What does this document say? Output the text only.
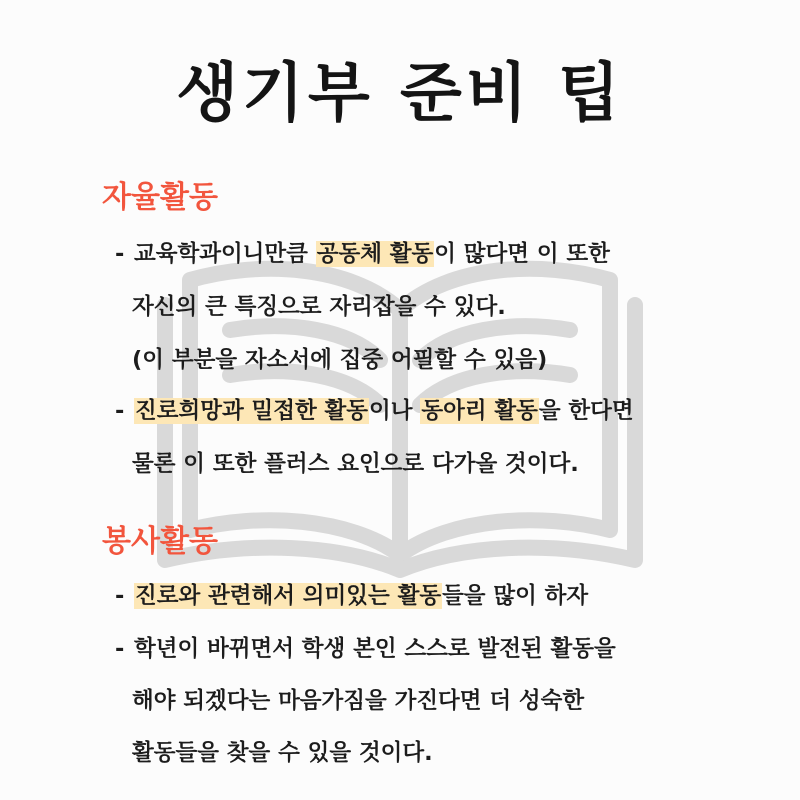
생기부 준비 팁
자율활동
- 교육학과이니만큼 공동체 활동이 많다면 이 또한
자신의 큰 특징으로 자리잡을 수 있다.
(이 부분을 자소서에 집중 어필할 수 있음)
- 진로희망과 밀접한 활동이나 동아리 활동을 한다면
물론 이 또한 플러스 요인으로 다가올 것이다.
봉사활동
- 진로와 관련해서 의미있는 활동들을 많이 하자
- 학년이 바뀌면서 학생 본인 스스로 발전된 활동을
해야 되겠다는 마음가짐을 가진다면 더 성숙한
활동들을 찾을 수 있을 것이다.
